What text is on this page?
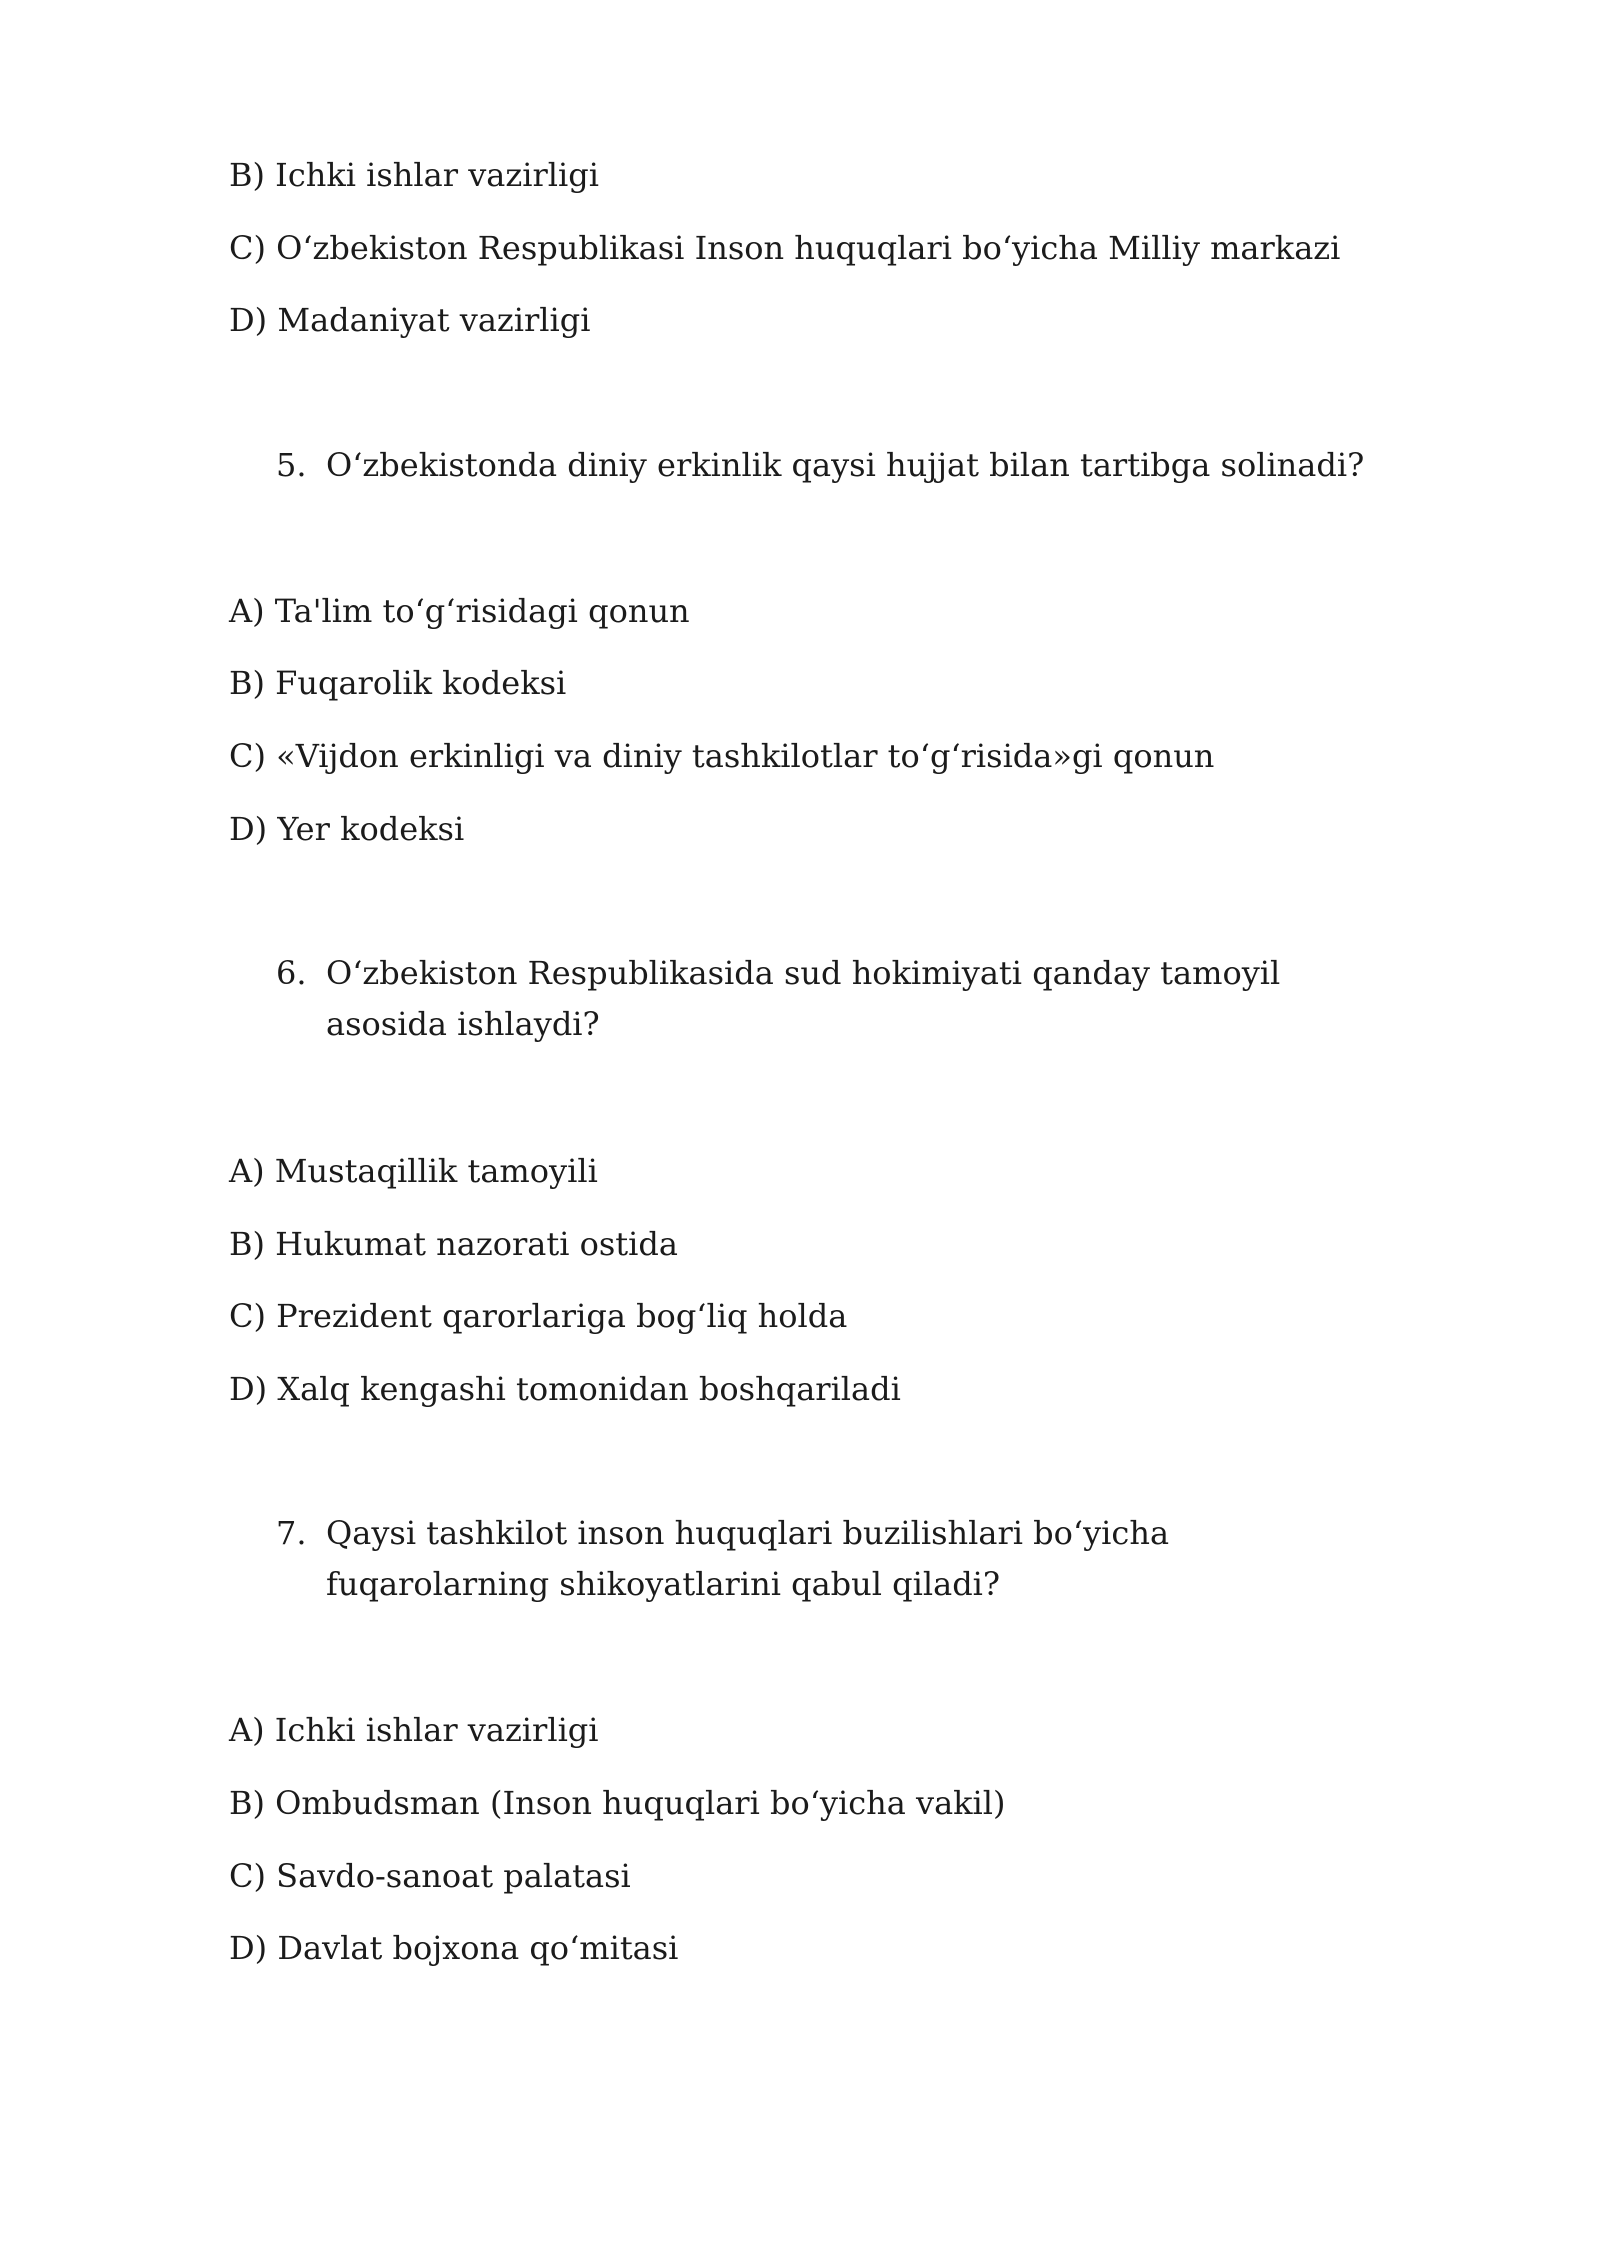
B) Ichki ishlar vazirligi

C) O‘zbekiston Respublikasi Inson huquqlari bo‘yicha Milliy markazi

D) Madaniyat vazirligi

5. O‘zbekistonda diniy erkinlik qaysi hujjat bilan tartibga solinadi?

A) Ta'lim to‘g‘risidagi qonun

B) Fuqarolik kodeksi

C) «Vijdon erkinligi va diniy tashkilotlar to‘g‘risida»gi qonun

D) Yer kodeksi

6. O‘zbekiston Respublikasida sud hokimiyati qanday tamoyil asosida ishlaydi?

A) Mustaqillik tamoyili

B) Hukumat nazorati ostida

C) Prezident qarorlariga bog‘liq holda

D) Xalq kengashi tomonidan boshqariladi

7. Qaysi tashkilot inson huquqlari buzilishlari bo‘yicha fuqarolarning shikoyatlarini qabul qiladi?

A) Ichki ishlar vazirligi

B) Ombudsman (Inson huquqlari bo‘yicha vakil)

C) Savdo-sanoat palatasi

D) Davlat bojxona qo‘mitasi
